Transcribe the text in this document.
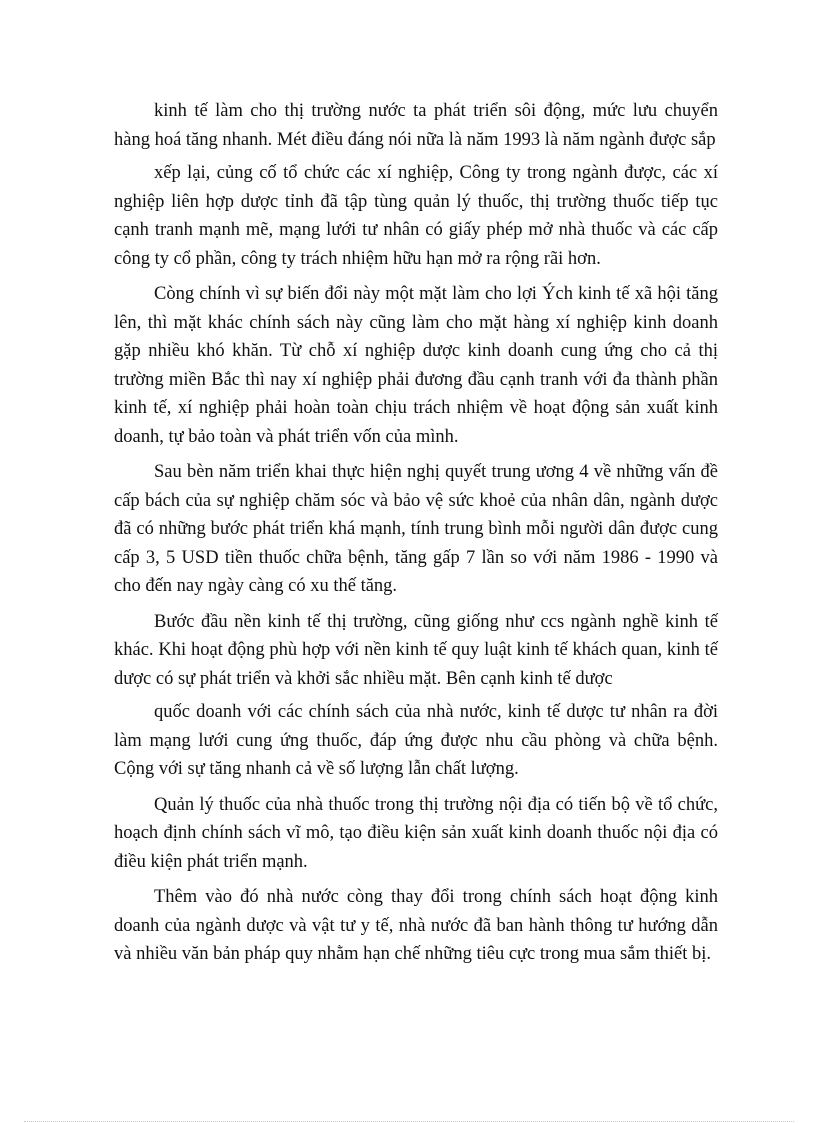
kinh tế làm cho thị trường nước ta phát triển sôi động, mức lưu chuyển hàng hoá tăng nhanh. Mét điều đáng nói nữa là năm 1993 là năm ngành được sắp

xếp lại, củng cố tổ chức các xí nghiệp, Công ty trong ngành được, các xí nghiệp liên hợp dược tỉnh đã tập tùng quản lý thuốc, thị trường thuốc tiếp tục cạnh tranh mạnh mẽ, mạng lưới tư nhân có giấy phép mở nhà thuốc và các cấp công ty cổ phần, công ty trách nhiệm hữu hạn mở ra rộng rãi hơn.

Còng chính vì sự biến đổi này một mặt làm cho lợi Ých kinh tế xã hội tăng lên, thì mặt khác chính sách này cũng làm cho mặt hàng xí nghiệp kinh doanh gặp nhiều khó khăn. Từ chỗ xí nghiệp dược kinh doanh cung ứng cho cả thị trường miền Bắc thì nay xí nghiệp phải đương đầu cạnh tranh với đa thành phần kinh tế, xí nghiệp phải hoàn toàn chịu trách nhiệm về hoạt động sản xuất kinh doanh, tự bảo toàn và phát triển vốn của mình.

Sau bèn năm triển khai thực hiện nghị quyết trung ương 4 về những vấn đề cấp bách của sự nghiệp chăm sóc và bảo vệ sức khoẻ của nhân dân, ngành dược đã có những bước phát triển khá mạnh, tính trung bình mỗi người dân được cung cấp 3, 5 USD tiền thuốc chữa bệnh, tăng gấp 7 lần so với năm 1986 - 1990 và cho đến nay ngày càng có xu thế tăng.

Bước đầu nền kinh tế thị trường, cũng giống như ccs ngành nghề kinh tế khác. Khi hoạt động phù hợp với nền kinh tế quy luật kinh tế khách quan, kinh tế dược có sự phát triển và khởi sắc nhiều mặt. Bên cạnh kinh tế dược

quốc doanh với các chính sách của nhà nước, kinh tế dược tư nhân ra đời làm mạng lưới cung ứng thuốc, đáp ứng được nhu cầu phòng và chữa bệnh. Cộng với sự tăng nhanh cả về số lượng lẫn chất lượng.

Quản lý thuốc của nhà thuốc trong thị trường nội địa có tiến bộ về tổ chức, hoạch định chính sách vĩ mô, tạo điều kiện sản xuất kinh doanh thuốc nội địa có điều kiện phát triển mạnh.

Thêm vào đó nhà nước còng thay đổi trong chính sách hoạt động kinh doanh của ngành dược và vật tư y tế, nhà nước đã ban hành thông tư hướng dẫn và nhiều văn bản pháp quy nhằm hạn chế những tiêu cực trong mua sắm thiết bị.
